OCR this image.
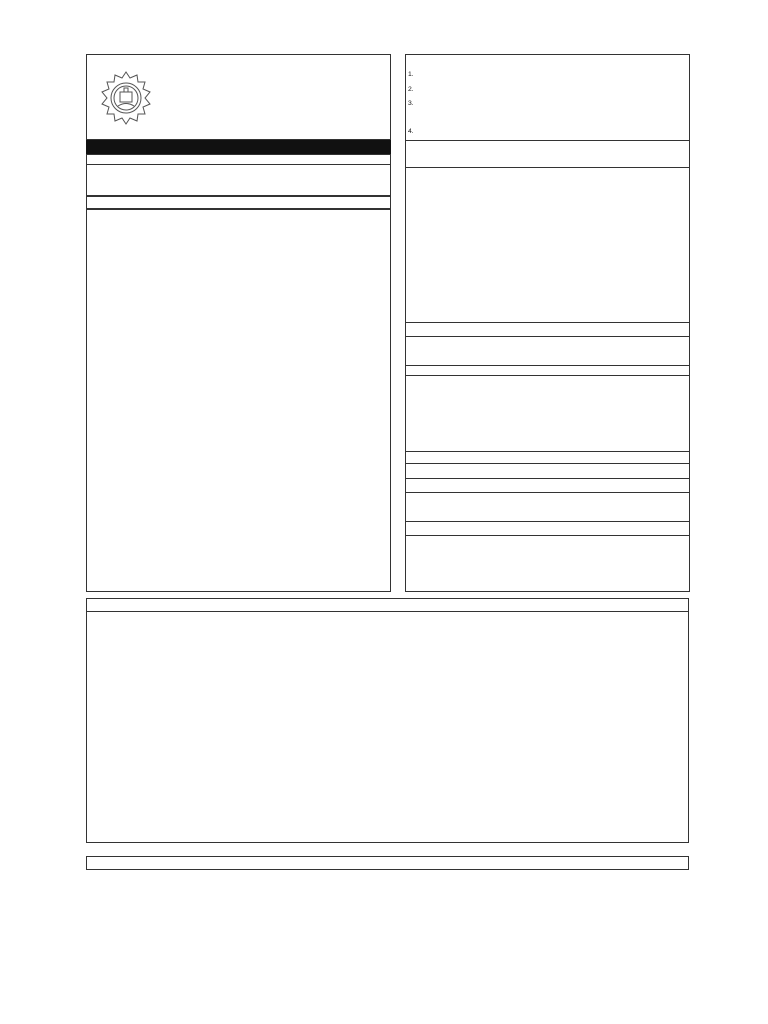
1.
2.
3.
4.
